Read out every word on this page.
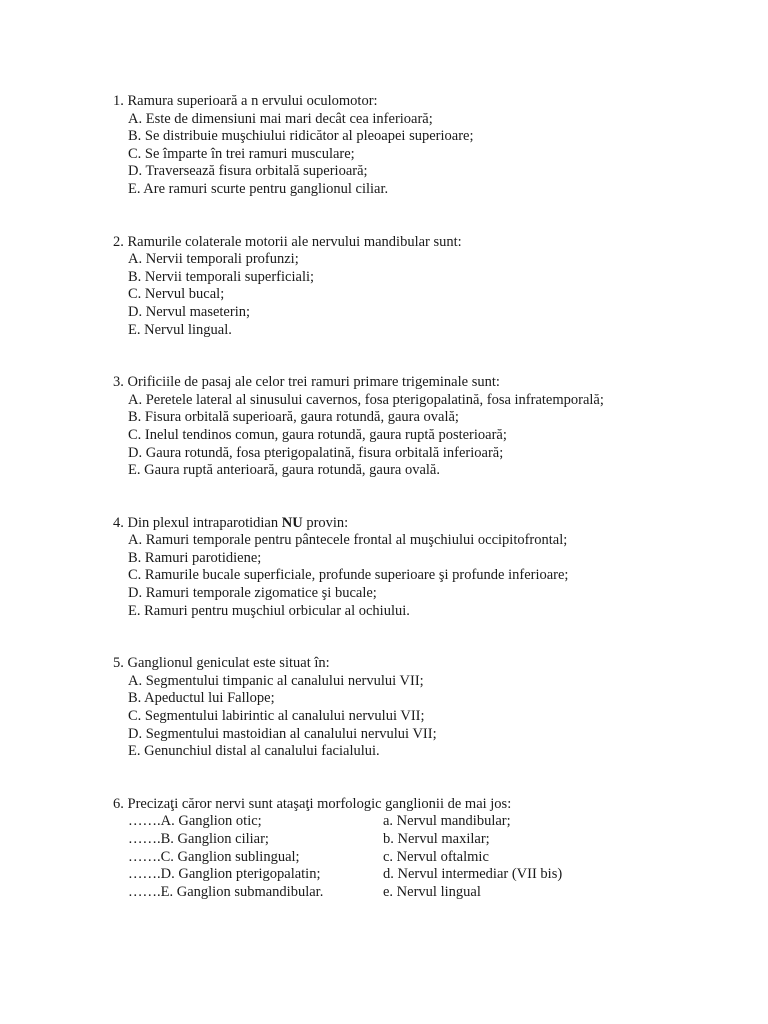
1. Ramura superioară a n ervului oculomotor:
A. Este de dimensiuni mai mari decât cea inferioară;
B. Se distribuie muşchiului ridicător al pleoapei superioare;
C. Se împarte în trei ramuri musculare;
D. Traversează fisura orbitală superioară;
E. Are ramuri scurte pentru ganglionul ciliar.
2. Ramurile colaterale motorii ale nervului mandibular sunt:
A. Nervii temporali profunzi;
B. Nervii temporali superficiali;
C. Nervul bucal;
D. Nervul maseterin;
E. Nervul lingual.
3. Orificiile de pasaj ale celor trei ramuri primare trigeminale sunt:
A. Peretele lateral al sinusului cavernos, fosa pterigopalatină, fosa infratemporală;
B. Fisura orbitală superioară, gaura rotundă, gaura ovală;
C. Inelul tendinos comun, gaura rotundă, gaura ruptă posterioară;
D. Gaura rotundă, fosa pterigopalatină, fisura orbitală inferioară;
E. Gaura ruptă anterioară, gaura rotundă, gaura ovală.
4. Din plexul intraparotidian NU provin:
A. Ramuri temporale pentru pântecele frontal al muşchiului occipitofrontal;
B. Ramuri parotidiene;
C. Ramurile bucale superficiale, profunde superioare şi profunde inferioare;
D. Ramuri temporale zigomatice şi bucale;
E. Ramuri pentru muşchiul orbicular al ochiului.
5. Ganglionul geniculat este situat în:
A. Segmentului timpanic al canalului nervului VII;
B. Apeductul lui Fallope;
C. Segmentului labirintic al canalului nervului VII;
D. Segmentului mastoidian al canalului nervului VII;
E. Genunchiul distal al canalului facialului.
6. Precizaţi căror nervi sunt ataşaţi morfologic ganglionii de mai jos:
…….A. Ganglion otic;	a. Nervul mandibular;
…….B. Ganglion ciliar;	b. Nervul maxilar;
…….C. Ganglion sublingual;	c. Nervul oftalmic
…….D. Ganglion pterigopalatin;	d. Nervul intermediar (VII bis)
…….E. Ganglion submandibular.	e. Nervul lingual
